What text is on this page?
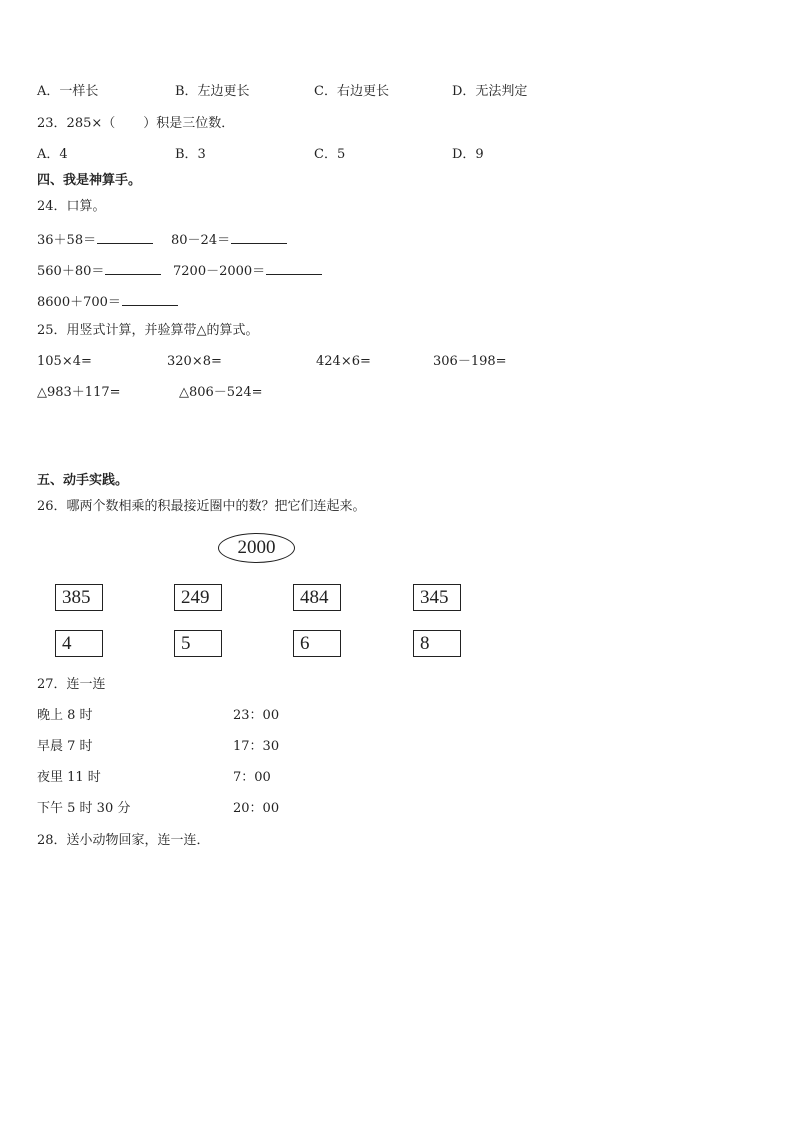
A．一样长	B．左边更长	C．右边更长	D．无法判定
23．285×（ ）积是三位数．
A．4	B．3	C．5	D．9
四、我是神算手。
24．口算。
36＋58＝	80－24＝
560＋80＝	7200－2000＝
8600＋700＝
25．用竖式计算，并验算带△的算式。
105×4=	320×8=	424×6=	306－198=
△983＋117=	△806－524=
五、动手实践。
26．哪两个数相乘的积最接近圈中的数？把它们连起来。
2000
385	249	484	345
4	5	6	8
27．连一连
晚上 8 时	23：00
早晨 7 时	17：30
夜里 11 时	7：00
下午 5 时 30 分	20：00
28．送小动物回家，连一连．
